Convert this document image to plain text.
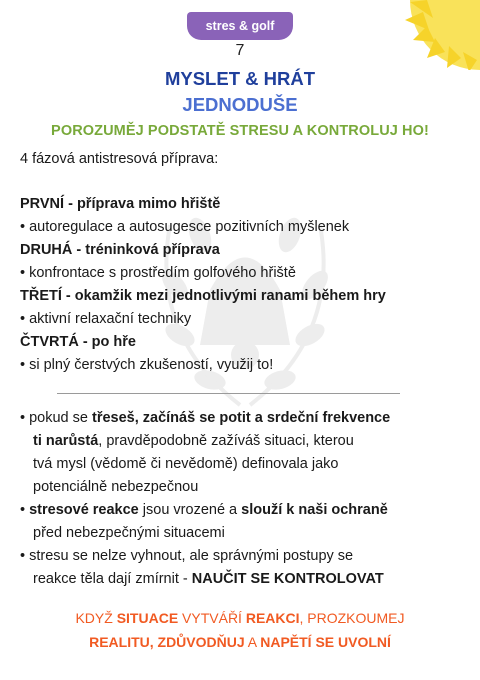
stres & golf
7
MYSLET & HRÁT
JEDNODUŠE
POROZUMĚJ PODSTATĚ STRESU A KONTROLUJ HO!
4 fázová antistresová příprava:
PRVNÍ - příprava mimo hřiště
• autoregulace a autosugesce pozitivních myšlenek
DRUHÁ - tréninková příprava
• konfrontace s prostředím golfového hřiště
TŘETÍ - okamžik mezi jednotlivými ranami během hry
• aktivní relaxační techniky
ČTVRTÁ - po hře
• si plný čerstvých zkušeností, využij to!
• pokud se třeseš, začínáš se potit a srdeční frekvence
ti narůstá, pravděpodobně zažíváš situaci, kterou
tvá mysl (vědomě či nevědomě) definovala jako
potenciálně nebezpečnou
• stresové reakce jsou vrozené a slouží k naši ochraně
před nebezpečnými situacemi
• stresu se nelze vyhnout, ale správnými postupy se
reakce těla dají zmírnit - NAUČIT SE KONTROLOVAT
KDYŽ SITUACE VYTVÁŘÍ REAKCI, PROZKOUMEJ
REALITU, ZDŮVODŇUJ A NAPĚTÍ SE UVOLNÍ
